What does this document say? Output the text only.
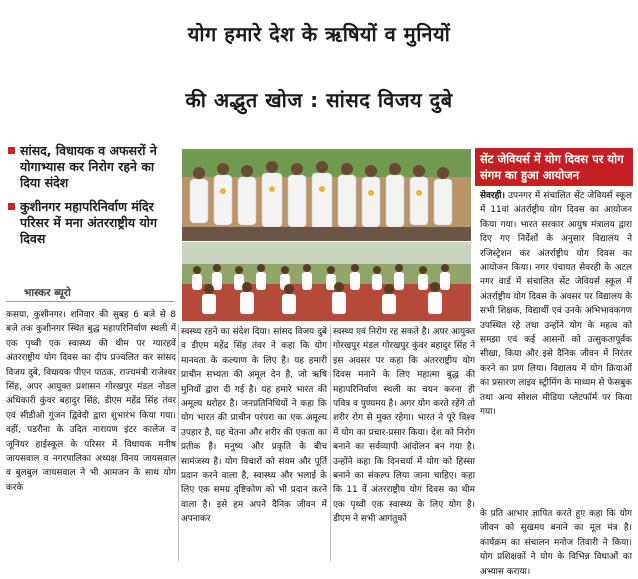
योग हमारे देश के ऋषियों व मुनियों
की अद्भुत खोज : सांसद विजय दुबे
सांसद, विधायक व अफसरों ने योगाभ्यास कर निरोग रहने का दिया संदेश
कुशीनगर महापरिनिर्वाण मंदिर परिसर में मना अंतरराष्ट्रीय योग दिवस
भास्कर ब्यूरो
सेंट जेवियर्स में योग दिवस पर योग संगम का हुआ आयोजन
कसया, कुशीनगर। शनिवार की सुबह 6 बजे से 8 बजे तक कुशीनगर स्थित बुद्ध महापरिनिर्वाण स्थली में एक पृथ्वी एक स्वास्थ्य की थीम पर ग्यारहवें अंतरराष्ट्रीय योग दिवस का दीप प्रज्वलित कर सांसद विजय दुबे, विधायक पीएन पाठक, राज्यमंत्री राजेश्वर सिंह, अपर आयुक्त प्रशासन गोरखपुर मंडल नोडल अधिकारी कुंवर बहादुर सिंह, डीएम महेंद्र सिंह तंवर एवं सीडीओ गुंजन द्विवेदी द्वारा शुभारंभ किया गया। वहीं, पडरौना के उदित नारायण इंटर कालेज व जूनियर हाईस्कूल के परिसर में विधायक मनीष जायसवाल व नगरपालिका अध्यक्ष विनय जायसवाल व बुलबुल जायसवाल ने भी आमजन के साथ योग करके
स्वस्थ्य रहने का संदेश दिया। सांसद विजय दुबे व डीएम महेंद्र सिंह तंवर ने कहा कि योग मानवता के कल्याण के लिए है। यह हमारी प्राचीन सभ्यता की अमूल देन है, जो ऋषि मुनियों द्वारा दी गई है। यह हमारे भारत की अमूल्य धरोहर है। जनप्रतिनिधियों ने कहा कि योग भारत की प्राचीन परंपरा का एक अमूल्य उपहार है, यह चेतना और शरीर की एकता का प्रतीक है। मनुष्य और प्रकृति के बीच सामंजस्य है। योग विचारों को संयम और पूर्ति प्रदान करने वाला है, स्वास्थ्य और भलाई के लिए एक समग्र दृष्टिकोण को भी प्रदान करने वाला है। इसे हम अपने दैनिक जीवन में अपनाकर
स्वस्थ्य एवं निरोग रह सकते है। अपर आयुक्त गोरखपुर मंडल गोरखपुर कुंवर बहादुर सिंह ने इस अवसर पर कहा कि अंतरराष्ट्रीय योग दिवस मनाने के लिए महात्मा बुद्ध की महापरिनिर्वाण स्थली का चयन करना ही पवित्र व पुण्यमय है। अगर योग करते रहेंगे तो शरीर रोग से मुक्त रहेगा। भारत ने पूरे विश्व में योग का प्रचार-प्रसार किया। देश को निरोग बनाने का सर्वव्यापी आंदोलन बन गया है। उन्होंने कहा कि दिनचर्या में योग को हिस्सा बनाने का संकल्प लिया जाना चाहिए। कहा कि 11 वें अंतरराष्ट्रीय योग दिवस का थीम एक पृथ्वी एक स्वास्थ्य के लिए योग है। डीएम ने सभी आगंतुकों
सेवरही। उपनगर में संचालित सेंट जेवियर्स स्कूल में 11वां अंतर्राष्ट्रीय योग दिवस का आयोजन किया गया। भारत सरकार आयुष मंत्रालय द्वारा दिए गए निर्देशों के अनुसार विद्यालय ने रजिस्ट्रेशन कर अंतर्राष्ट्रीय योग दिवस का आयोजन किया। नगर पंचायत सेवरही के अटल नगर वार्ड में संचालित सेंट जेवियर्स स्कूल में अंतर्राष्ट्रीय योग दिवस के अवसर पर विद्यालय के सभी शिक्षक, विद्यार्थी एवं उनके अभिभावकगण उपस्थित रहे तथा उन्होंने योग के महत्व को समझा एवं कई आसनों को उत्सुकतापूर्वक सीखा, किया और इसे दैनिक जीवन में निरंतर करने का प्रण लिया। विद्यालय में योग क्रियाओं का प्रसारण लाइव स्ट्रीमिंग के माध्यम से फेसबुक तथा अन्य सोशल मीडिया प्लेटफॉर्म पर किया गया।
के प्रति आभार ज्ञापित करते हुए कहा कि योग जीवन को सुखमय बनाने का मूल मंत्र है। कार्यक्रम का संचालन मनोज तिवारी ने किया। योग प्रशिक्षकों ने योग के विभिन्न विधाओं का अभ्यास कराया।
